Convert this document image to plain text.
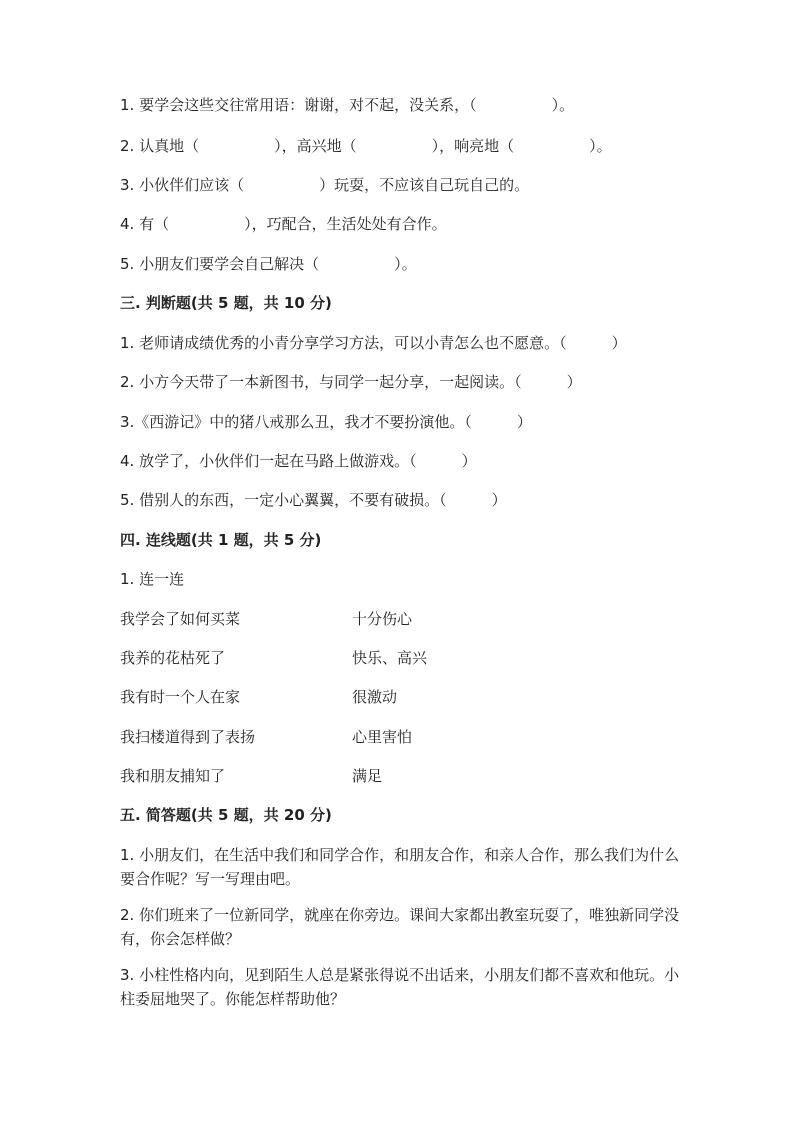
1. 要学会这些交往常用语：谢谢，对不起，没关系，（　　　　　）。
2. 认真地（　　　　　），高兴地（　　　　　），响亮地（　　　　　）。
3. 小伙伴们应该（　　　　　）玩耍，不应该自己玩自己的。
4. 有（　　　　　），巧配合，生活处处有合作。
5. 小朋友们要学会自己解决（　　　　　）。
三. 判断题(共 5 题，共 10 分)
1. 老师请成绩优秀的小青分享学习方法，可以小青怎么也不愿意。（　　　）
2. 小方今天带了一本新图书，与同学一起分享，一起阅读。（　　　）
3.《西游记》中的猪八戒那么丑，我才不要扮演他。（　　　）
4. 放学了，小伙伴们一起在马路上做游戏。（　　　）
5. 借别人的东西，一定小心翼翼，不要有破损。（　　　）
四. 连线题(共 1 题，共 5 分)
1. 连一连
我学会了如何买菜	十分伤心
我养的花枯死了	快乐、高兴
我有时一个人在家	很激动
我扫楼道得到了表扬	心里害怕
我和朋友捕知了	满足
五. 简答题(共 5 题，共 20 分)
1. 小朋友们，在生活中我们和同学合作，和朋友合作，和亲人合作，那么我们为什么要合作呢？写一写理由吧。
2. 你们班来了一位新同学，就座在你旁边。课间大家都出教室玩耍了，唯独新同学没有，你会怎样做？
3. 小柱性格内向，见到陌生人总是紧张得说不出话来，小朋友们都不喜欢和他玩。小柱委屈地哭了。你能怎样帮助他？
